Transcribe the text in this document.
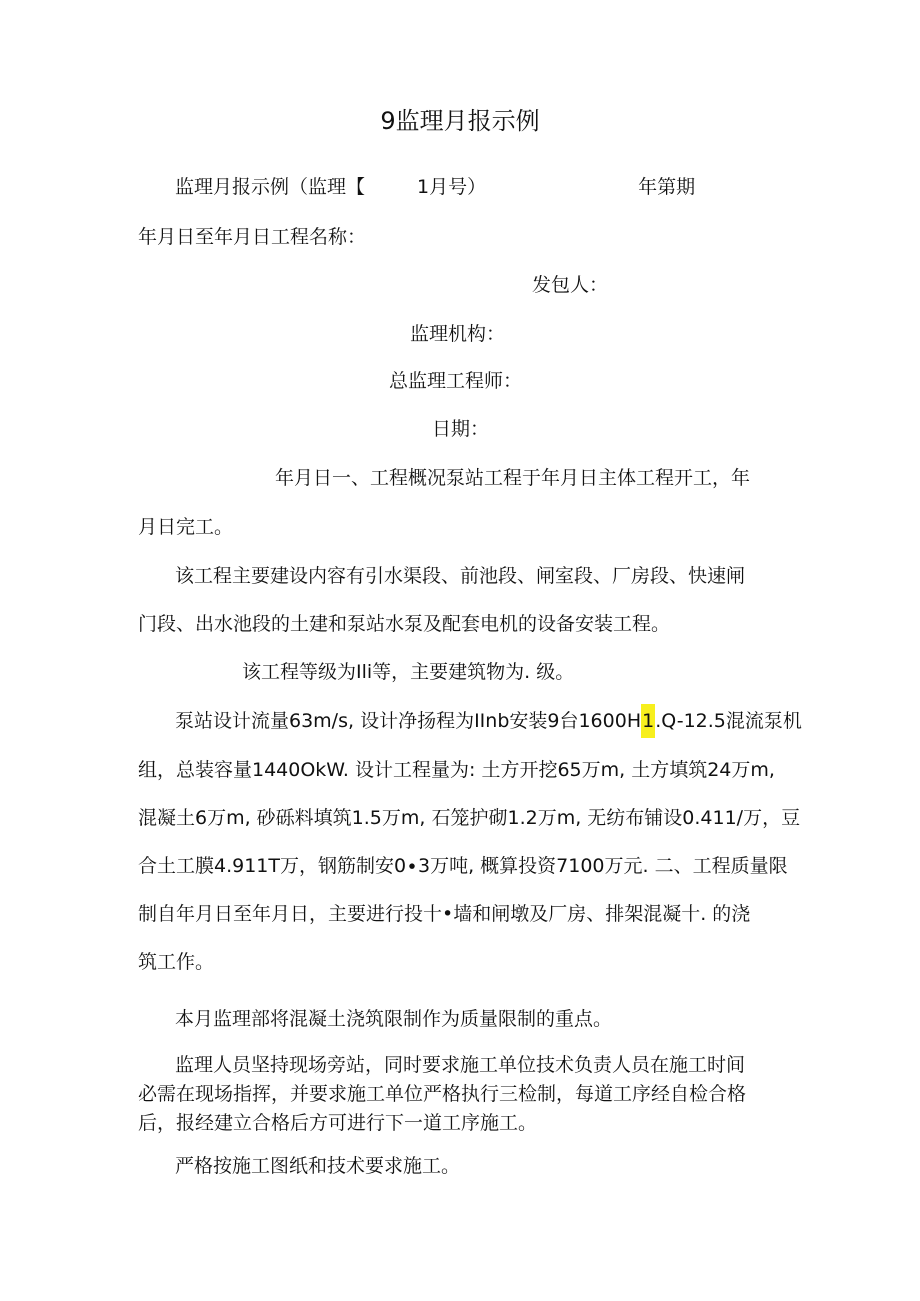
9监理月报示例
监理月报示例（监理【	1月号）	年第期
年月日至年月日工程名称：
发包人：
监理机构：
总监理工程师：
日期：
年月日一、工程概况泵站工程于年月日主体工程开工，年
月日完工。
该工程主要建设内容有引水渠段、前池段、闸室段、厂房段、快速闸
门段、出水池段的土建和泵站水泵及配套电机的设备安装工程。
该工程等级为Ili等，主要建筑物为. 级。
泵站设计流量63m∕s, 设计净扬程为IInb安装9台1600H1.Q-12.5混流泵机
组，总装容量1440OkW. 设计工程量为: 土方开挖65万m, 土方填筑24万m,
混凝土6万m, 砂砾料填筑1.5万m, 石笼护砌1.2万m, 无纺布铺设0.411∕万，豆
合土工膜4.911T万，钢筋制安0∙3万吨, 概算投资7100万元. 二、工程质量限
制自年月日至年月日，主要进行投十•墙和闸墩及厂房、排架混凝十. 的浇
筑工作。
本月监理部将混凝土浇筑限制作为质量限制的重点。
监理人员坚持现场旁站，同时要求施工单位技术负责人员在施工时间
必需在现场指挥，并要求施工单位严格执行三检制，每道工序经自检合格
后，报经建立合格后方可进行下一道工序施工。
严格按施工图纸和技术要求施工。
